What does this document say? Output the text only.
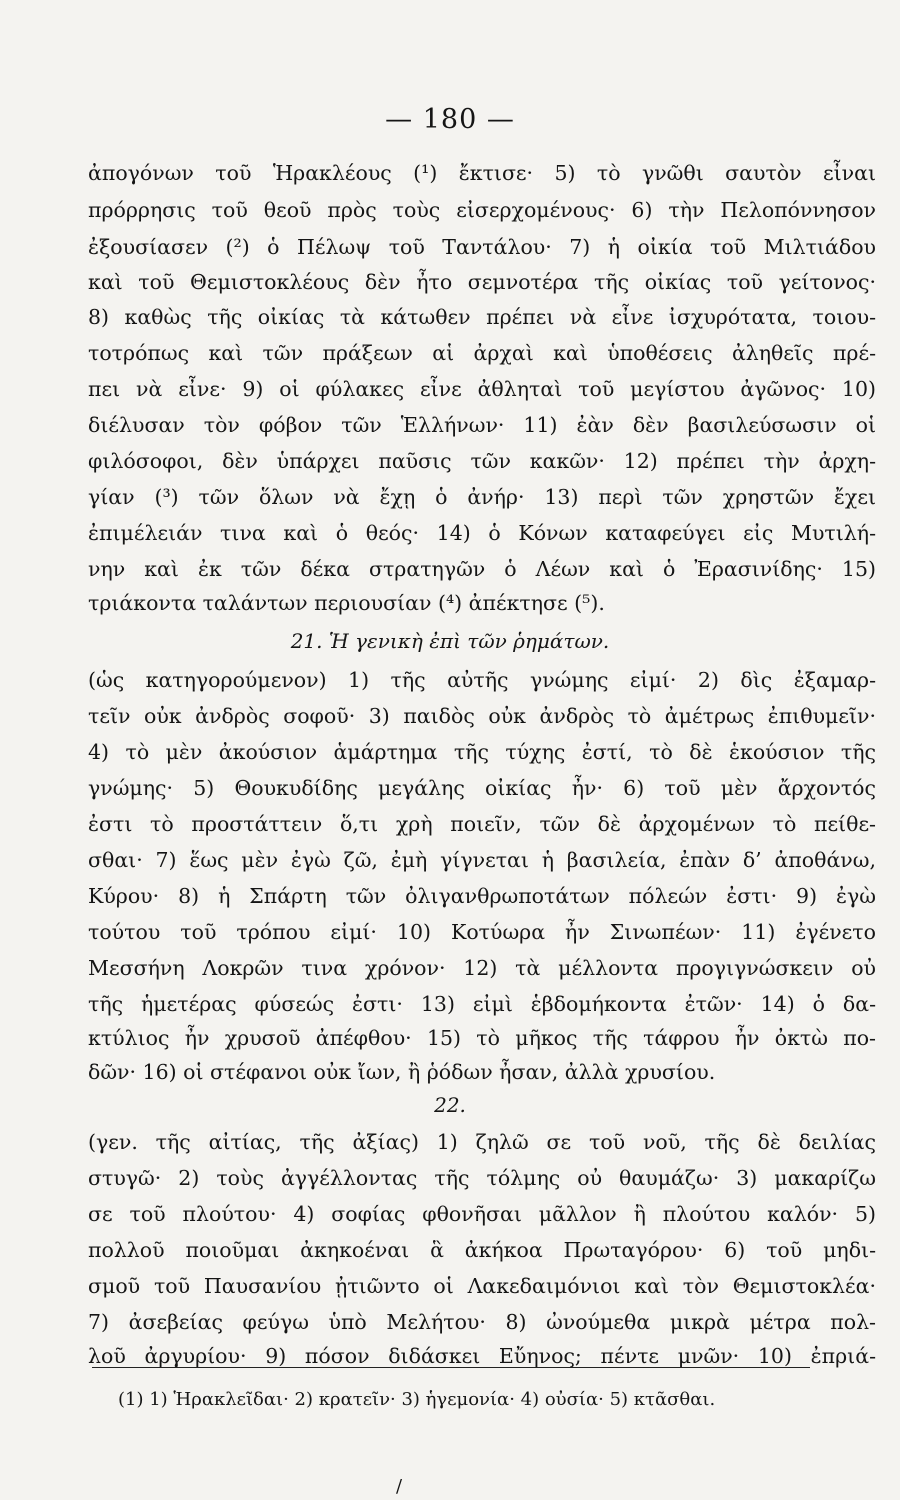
— 180 —
ἀπογόνων τοῦ Ἡρακλέους (¹) ἔκτισε· 5) τὸ γνῶθι σαυτὸν εἶναι
πρόρρησις τοῦ θεοῦ πρὸς τοὺς εἰσερχομένους· 6) τὴν Πελοπόννησον
ἐξουσίασεν (²) ὁ Πέλωψ τοῦ Ταντάλου· 7) ἡ οἰκία τοῦ Μιλτιάδου
καὶ τοῦ Θεμιστοκλέους δὲν ἦτο σεμνοτέρα τῆς οἰκίας τοῦ γείτονος·
8) καθὼς τῆς οἰκίας τὰ κάτωθεν πρέπει νὰ εἶνε ἰσχυρότατα, τοιου-
τοτρόπως καὶ τῶν πράξεων αἱ ἀρχαὶ καὶ ὑποθέσεις ἀληθεῖς πρέ-
πει νὰ εἶνε· 9) οἱ φύλακες εἶνε ἀθληταὶ τοῦ μεγίστου ἀγῶνος· 10)
διέλυσαν τὸν φόβον τῶν Ἑλλήνων· 11) ἐὰν δὲν βασιλεύσωσιν οἱ
φιλόσοφοι, δὲν ὑπάρχει παῦσις τῶν κακῶν· 12) πρέπει τὴν ἀρχη-
γίαν (³) τῶν ὅλων νὰ ἔχῃ ὁ ἀνήρ· 13) περὶ τῶν χρηστῶν ἔχει
ἐπιμέλειάν τινα καὶ ὁ θεός· 14) ὁ Κόνων καταφεύγει εἰς Μυτιλή-
νην καὶ ἐκ τῶν δέκα στρατηγῶν ὁ Λέων καὶ ὁ Ἐρασινίδης· 15)
τριάκοντα ταλάντων περιουσίαν (⁴) ἀπέκτησε (⁵).
21. Ἡ γενικὴ ἐπὶ τῶν ῥημάτων.
(ὡς κατηγορούμενον) 1) τῆς αὐτῆς γνώμης εἰμί· 2) δὶς ἐξαμαρ-
τεῖν οὐκ ἀνδρὸς σοφοῦ· 3) παιδὸς οὐκ ἀνδρὸς τὸ ἀμέτρως ἐπιθυμεῖν·
4) τὸ μὲν ἀκούσιον ἁμάρτημα τῆς τύχης ἐστί, τὸ δὲ ἑκούσιον τῆς
γνώμης· 5) Θουκυδίδης μεγάλης οἰκίας ἦν· 6) τοῦ μὲν ἄρχοντός
ἐστι τὸ προστάττειν ὅ,τι χρὴ ποιεῖν, τῶν δὲ ἀρχομένων τὸ πείθε-
σθαι· 7) ἕως μὲν ἐγὼ ζῶ, ἐμὴ γίγνεται ἡ βασιλεία, ἐπὰν δ’ ἀποθάνω,
Κύρου· 8) ἡ Σπάρτη τῶν ὀλιγανθρωποτάτων πόλεών ἐστι· 9) ἐγὼ
τούτου τοῦ τρόπου εἰμί· 10) Κοτύωρα ἦν Σινωπέων· 11) ἐγένετο
Μεσσήνη Λοκρῶν τινα χρόνον· 12) τὰ μέλλοντα προγιγνώσκειν οὐ
τῆς ἡμετέρας φύσεώς ἐστι· 13) εἰμὶ ἑβδομήκοντα ἐτῶν· 14) ὁ δα-
κτύλιος ἦν χρυσοῦ ἀπέφθου· 15) τὸ μῆκος τῆς τάφρου ἦν ὀκτὼ πο-
δῶν· 16) οἱ στέφανοι οὐκ ἴων, ἢ ῥόδων ἦσαν, ἀλλὰ χρυσίου.
22.
(γεν. τῆς αἰτίας, τῆς ἀξίας) 1) ζηλῶ σε τοῦ νοῦ, τῆς δὲ δειλίας
στυγῶ· 2) τοὺς ἀγγέλλοντας τῆς τόλμης οὐ θαυμάζω· 3) μακαρίζω
σε τοῦ πλούτου· 4) σοφίας φθονῆσαι μᾶλλον ἢ πλούτου καλόν· 5)
πολλοῦ ποιοῦμαι ἀκηκοέναι ἃ ἀκήκοα Πρωταγόρου· 6) τοῦ μηδι-
σμοῦ τοῦ Παυσανίου ᾐτιῶντο οἱ Λακεδαιμόνιοι καὶ τὸν Θεμιστοκλέα·
7) ἀσεβείας φεύγω ὑπὸ Μελήτου· 8) ὠνούμεθα μικρὰ μέτρα πολ-
λοῦ ἀργυρίου· 9) πόσον διδάσκει Εὔηνος; πέντε μνῶν· 10) ἐπριά-
(1) 1) Ἡρακλεῖδαι· 2) κρατεῖν· 3) ἡγεμονία· 4) οὐσία· 5) κτᾶσθαι.
/
